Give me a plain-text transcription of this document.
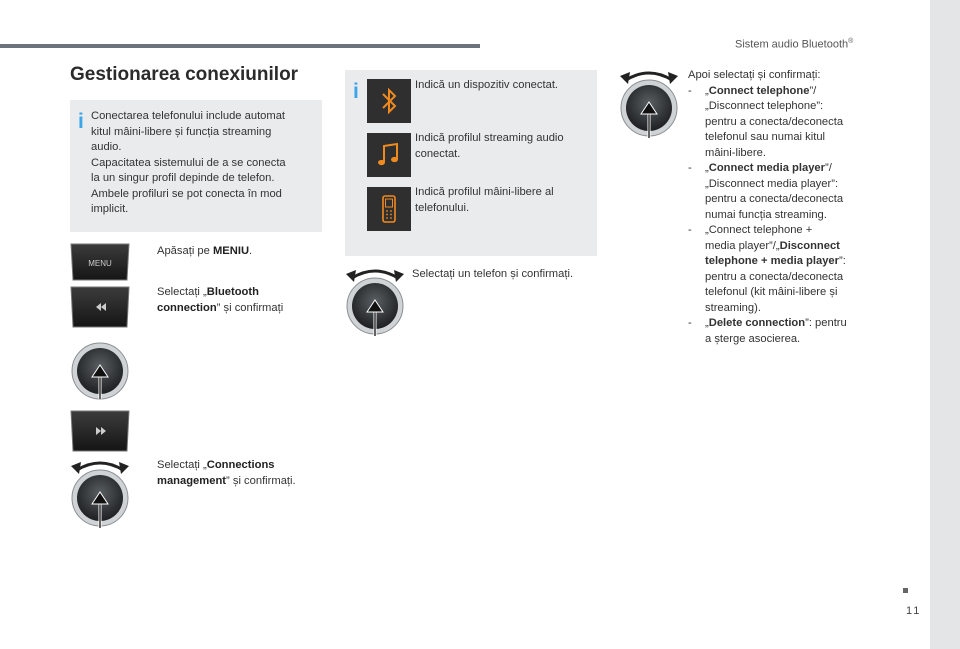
Sistem audio Bluetooth®
11
Gestionarea conexiunilor
i Conectarea telefonului include automat
kitul mâini-libere și funcția streaming
audio.
Capacitatea sistemului de a se conecta
la un singur profil depinde de telefon.
Ambele profiluri se pot conecta în mod
implicit.
MENU
Apăsați pe MENIU.
Selectați „Bluetooth
connection” și confirmați
Selectați „Connections
management” și confirmați.
i	Indică un dispozitiv conectat.
Indică profilul streaming audio
conectat.
Indică profilul mâini-libere al
telefonului.
Selectați un telefon și confirmați.
Apoi selectați și confirmați:
-	„Connect telephone”/
„Disconnect telephone”:
pentru a conecta/deconecta
telefonul sau numai kitul
mâini-libere.
-	„Connect media player”/
„Disconnect media player”:
pentru a conecta/deconecta
numai funcția streaming.
-	„Connect telephone +
media player”/„Disconnect
telephone + media player”:
pentru a conecta/deconecta
telefonul (kit mâini-libere și
streaming).
-	„Delete connection”: pentru
a șterge asocierea.
